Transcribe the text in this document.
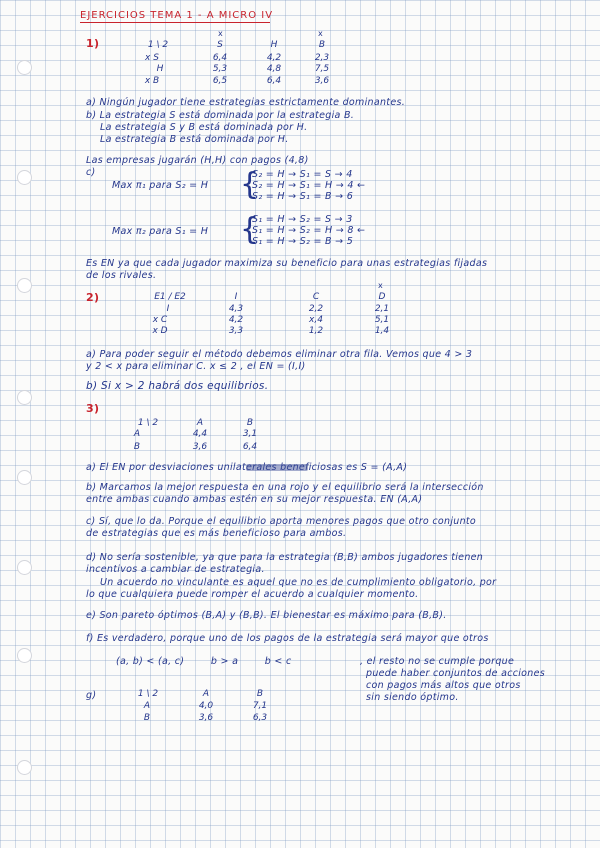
EJERCICIOS TEMA 1 - A MICRO IV
1)
x	x
1 \ 2	S	H	B
x S	6,4	4,2	2,3
H	5,3	4,8	7,5
x B	6,5	6,4	3,6
a) Ningún jugador tiene estrategias estrictamente dominantes.
b) La estrategia S está dominada por la estrategia B.
La estrategia S y B está dominada por H.
La estrategia B está dominada por H.
Las empresas jugarán (H,H) con pagos (4,8)
c)
Max π₁ para S₂ = H {
S₂ = H → S₁ = S → 4
S₂ = H → S₁ = H → 4 ←
S₂ = H → S₁ = B → 6
Max π₂ para S₁ = H {
S₁ = H → S₂ = S → 3
S₁ = H → S₂ = H → 8 ←
S₁ = H → S₂ = B → 5
Es EN ya que cada jugador maximiza su beneficio para unas estrategias fijadas
de los rivales.
2)
x
E1 / E2	I	C	D
I	4,3	2,2	2,1
x C	4,2	x,4	5,1
x D	3,3	1,2	1,4
a) Para poder seguir el método debemos eliminar otra fila. Vemos que 4 > 3
y 2 < x para eliminar C. x ≤ 2 , el EN = (I,I)
b) Si x > 2 habrá dos equilibrios.
3)
1 \ 2	A	B
A	4,4	3,1
B	3,6	6,4
a) El EN por desviaciones unilaterales beneficiosas es S = (A,A)
b) Marcamos la mejor respuesta en una rojo y el equilibrio será la intersección
entre ambas cuando ambas estén en su mejor respuesta. EN (A,A)
c) Sí, que lo da. Porque el equilibrio aporta menores pagos que otro conjunto
de estrategias que es más beneficioso para ambos.
d) No sería sostenible, ya que para la estrategia (B,B) ambos jugadores tienen
incentivos a cambiar de estrategia.
Un acuerdo no vinculante es aquel que no es de cumplimiento obligatorio, por
lo que cualquiera puede romper el acuerdo a cualquier momento.
e) Son pareto óptimos (B,A) y (B,B). El bienestar es máximo para (B,B).
f) Es verdadero, porque uno de los pagos de la estrategia será mayor que otros
(a, b) < (a, c)        b > a        b < c	, el resto no se cumple porque
puede haber conjuntos de acciones
con pagos más altos que otros
sin siendo óptimo.
g)	1 \ 2	A	B
A	4,0	7,1
B	3,6	6,3
